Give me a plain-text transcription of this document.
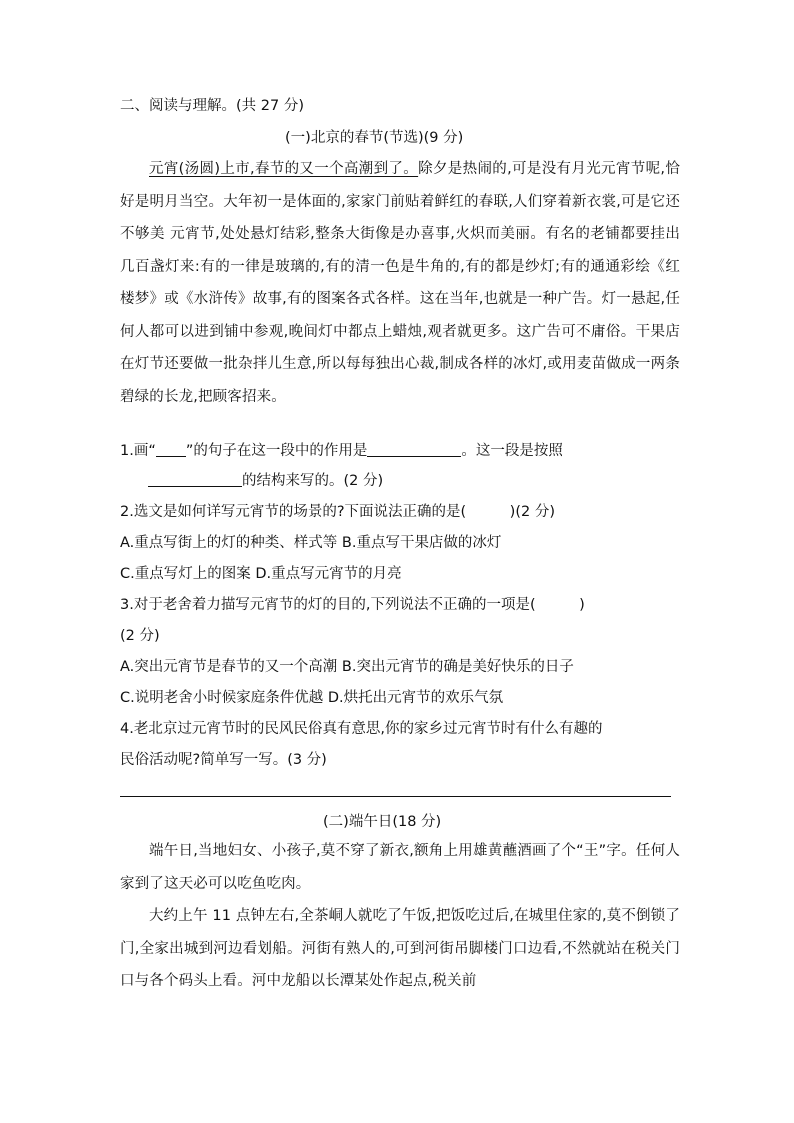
二、阅读与理解。(共 27 分)
(一)北京的春节(节选)(9 分)

元宵(汤圆)上市,春节的又一个高潮到了。除夕是热闹的,可是没有月光元宵节呢,恰好是明月当空。大年初一是体面的,家家门前贴着鲜红的春联,人们穿着新衣裳,可是它还不够美 元宵节,处处悬灯结彩,整条大街像是办喜事,火炽而美丽。有名的老铺都要挂出几百盏灯来:有的一律是玻璃的,有的清一色是牛角的,有的都是纱灯;有的通通彩绘《红楼梦》或《水浒传》故事,有的图案各式各样。这在当年,也就是一种广告。灯一悬起,任何人都可以进到铺中参观,晚间灯中都点上蜡烛,观者就更多。这广告可不庸俗。干果店在灯节还要做一批杂拌儿生意,所以每每独出心裁,制成各样的冰灯,或用麦苗做成一两条碧绿的长龙,把顾客招来。

1.画“ ”的句子在这一段中的作用是	。这一段是按照
的结构来写的。(2 分)
2.选文是如何详写元宵节的场景的?下面说法正确的是(　　　)(2 分)
A.重点写街上的灯的种类、样式等 B.重点写干果店做的冰灯
C.重点写灯上的图案 D.重点写元宵节的月亮
3.对于老舍着力描写元宵节的灯的目的,下列说法不正确的一项是(　　　)
(2 分)
A.突出元宵节是春节的又一个高潮 B.突出元宵节的确是美好快乐的日子
C.说明老舍小时候家庭条件优越 D.烘托出元宵节的欢乐气氛
4.老北京过元宵节时的民风民俗真有意思,你的家乡过元宵节时有什么有趣的
民俗活动呢?简单写一写。(3 分)
(二)端午日(18 分)

端午日,当地妇女、小孩子,莫不穿了新衣,额角上用雄黄蘸酒画了个“王”字。任何人家到了这天必可以吃鱼吃肉。

大约上午 11 点钟左右,全茶峒人就吃了午饭,把饭吃过后,在城里住家的,莫不倒锁了门,全家出城到河边看划船。河街有熟人的,可到河街吊脚楼门口边看,不然就站在税关门口与各个码头上看。河中龙船以长潭某处作起点,税关前
